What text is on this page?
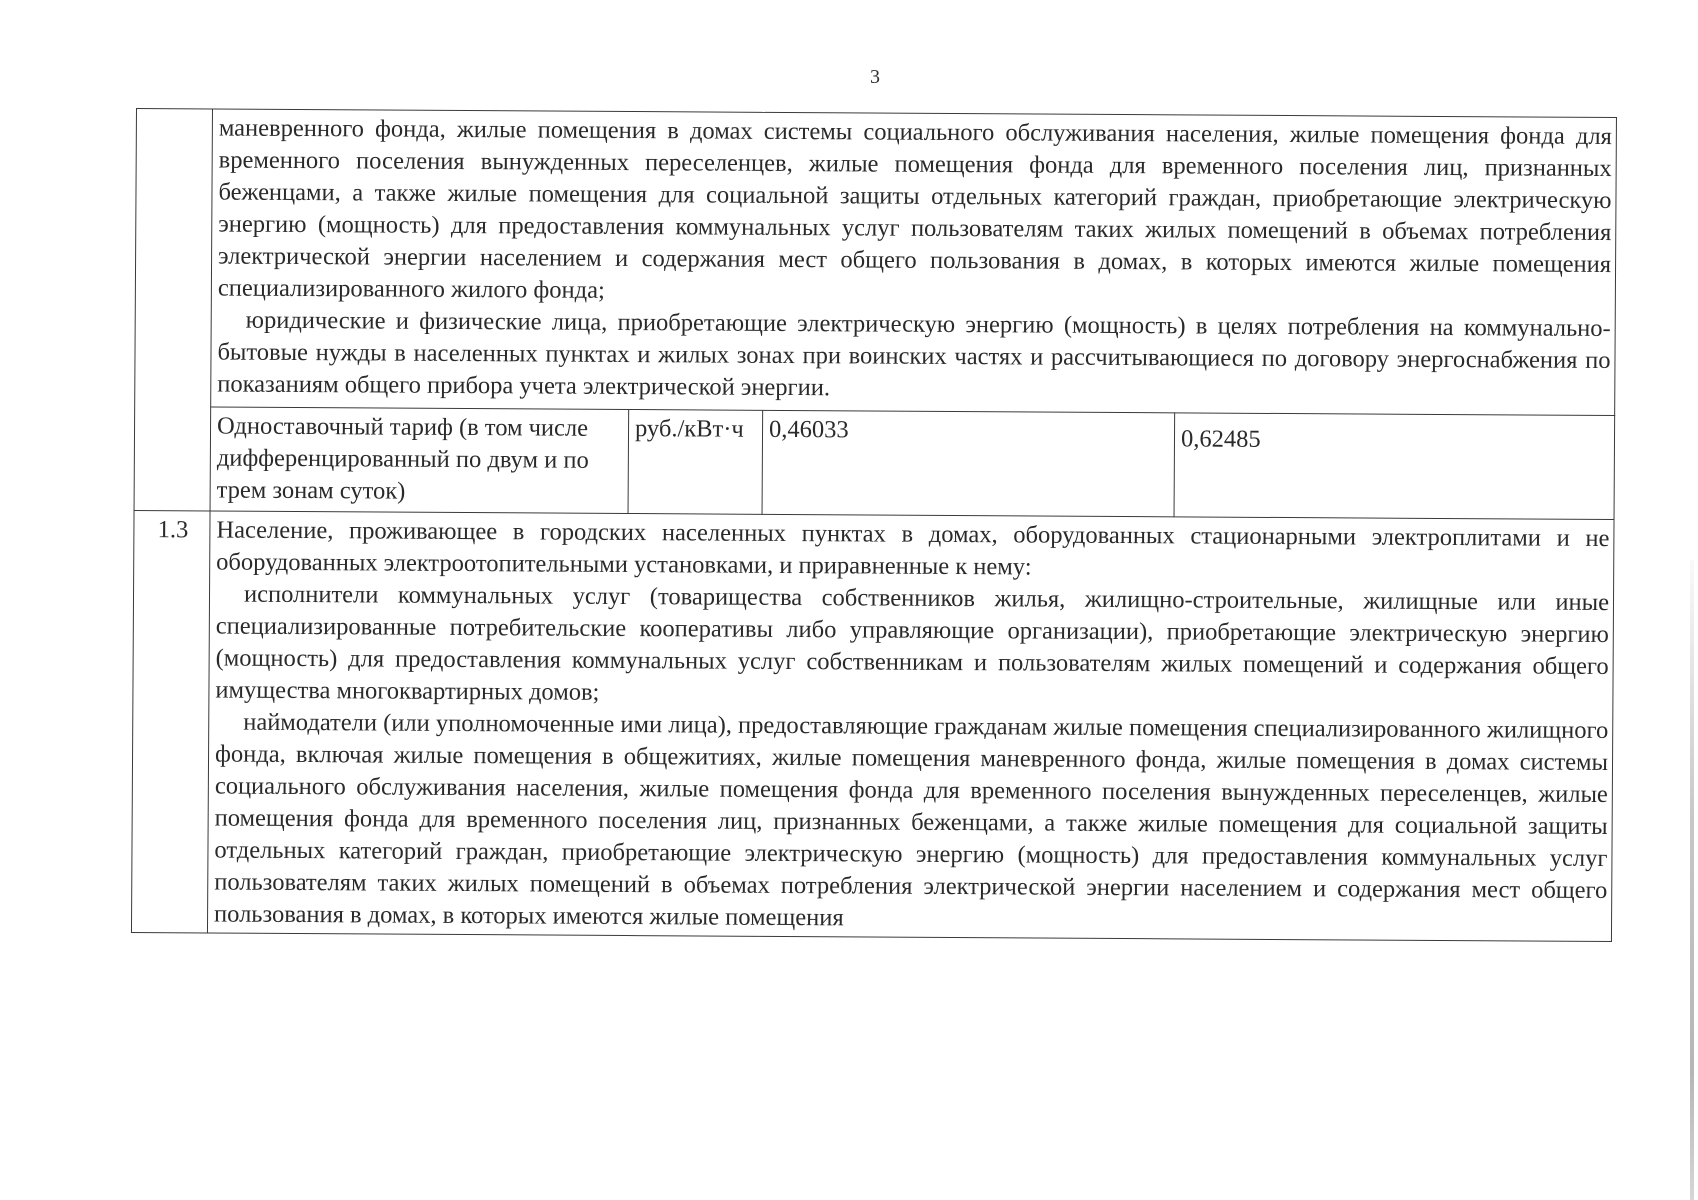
3

	маневренного фонда, жилые помещения в домах системы социального обслуживания населения, жилые помещения фонда для временного поселения вынужденных переселенцев, жилые помещения фонда для временного поселения лиц, признанных беженцами, а также жилые помещения для социальной защиты отдельных категорий граждан, приобретающие электрическую энергию (мощность) для предоставления коммунальных услуг пользователям таких жилых помещений в объемах потребления электрической энергии населением и содержания мест общего пользования в домах, в которых имеются жилые помещения специализированного жилого фонда;

юридические и физические лица, приобретающие электрическую энергию (мощность) в целях потребления на коммунально-бытовые нужды в населенных пунктах и жилых зонах при воинских частях и рассчитывающиеся по договору энергоснабжения по показаниям общего прибора учета электрической энергии.			

	Одноставочный тариф (в том числе дифференцированный по двум и по трем зонам суток)	руб./кВт·ч	0,46033	0,62485
1.3	Население, проживающее в городских населенных пунктах в домах, оборудованных стационарными электроплитами и не оборудованных электроотопительными установками, и приравненные к нему:

исполнители коммунальных услуг (товарищества собственников жилья, жилищно-строительные, жилищные или иные специализированные потребительские кооперативы либо управляющие организации), приобретающие электрическую энергию (мощность) для предоставления коммунальных услуг собственникам и пользователям жилых помещений и содержания общего имущества многоквартирных домов;

наймодатели (или уполномоченные ими лица), предоставляющие гражданам жилые помещения специализированного жилищного фонда, включая жилые помещения в общежитиях, жилые помещения маневренного фонда, жилые помещения в домах системы социального обслуживания населения, жилые помещения фонда для временного поселения вынужденных переселенцев, жилые помещения фонда для временного поселения лиц, признанных беженцами, а также жилые помещения для социальной защиты отдельных категорий граждан, приобретающие электрическую энергию (мощность) для предоставления коммунальных услуг пользователям таких жилых помещений в объемах потребления электрической энергии населением и содержания мест общего пользования в домах, в которых имеются жилые помещения			
